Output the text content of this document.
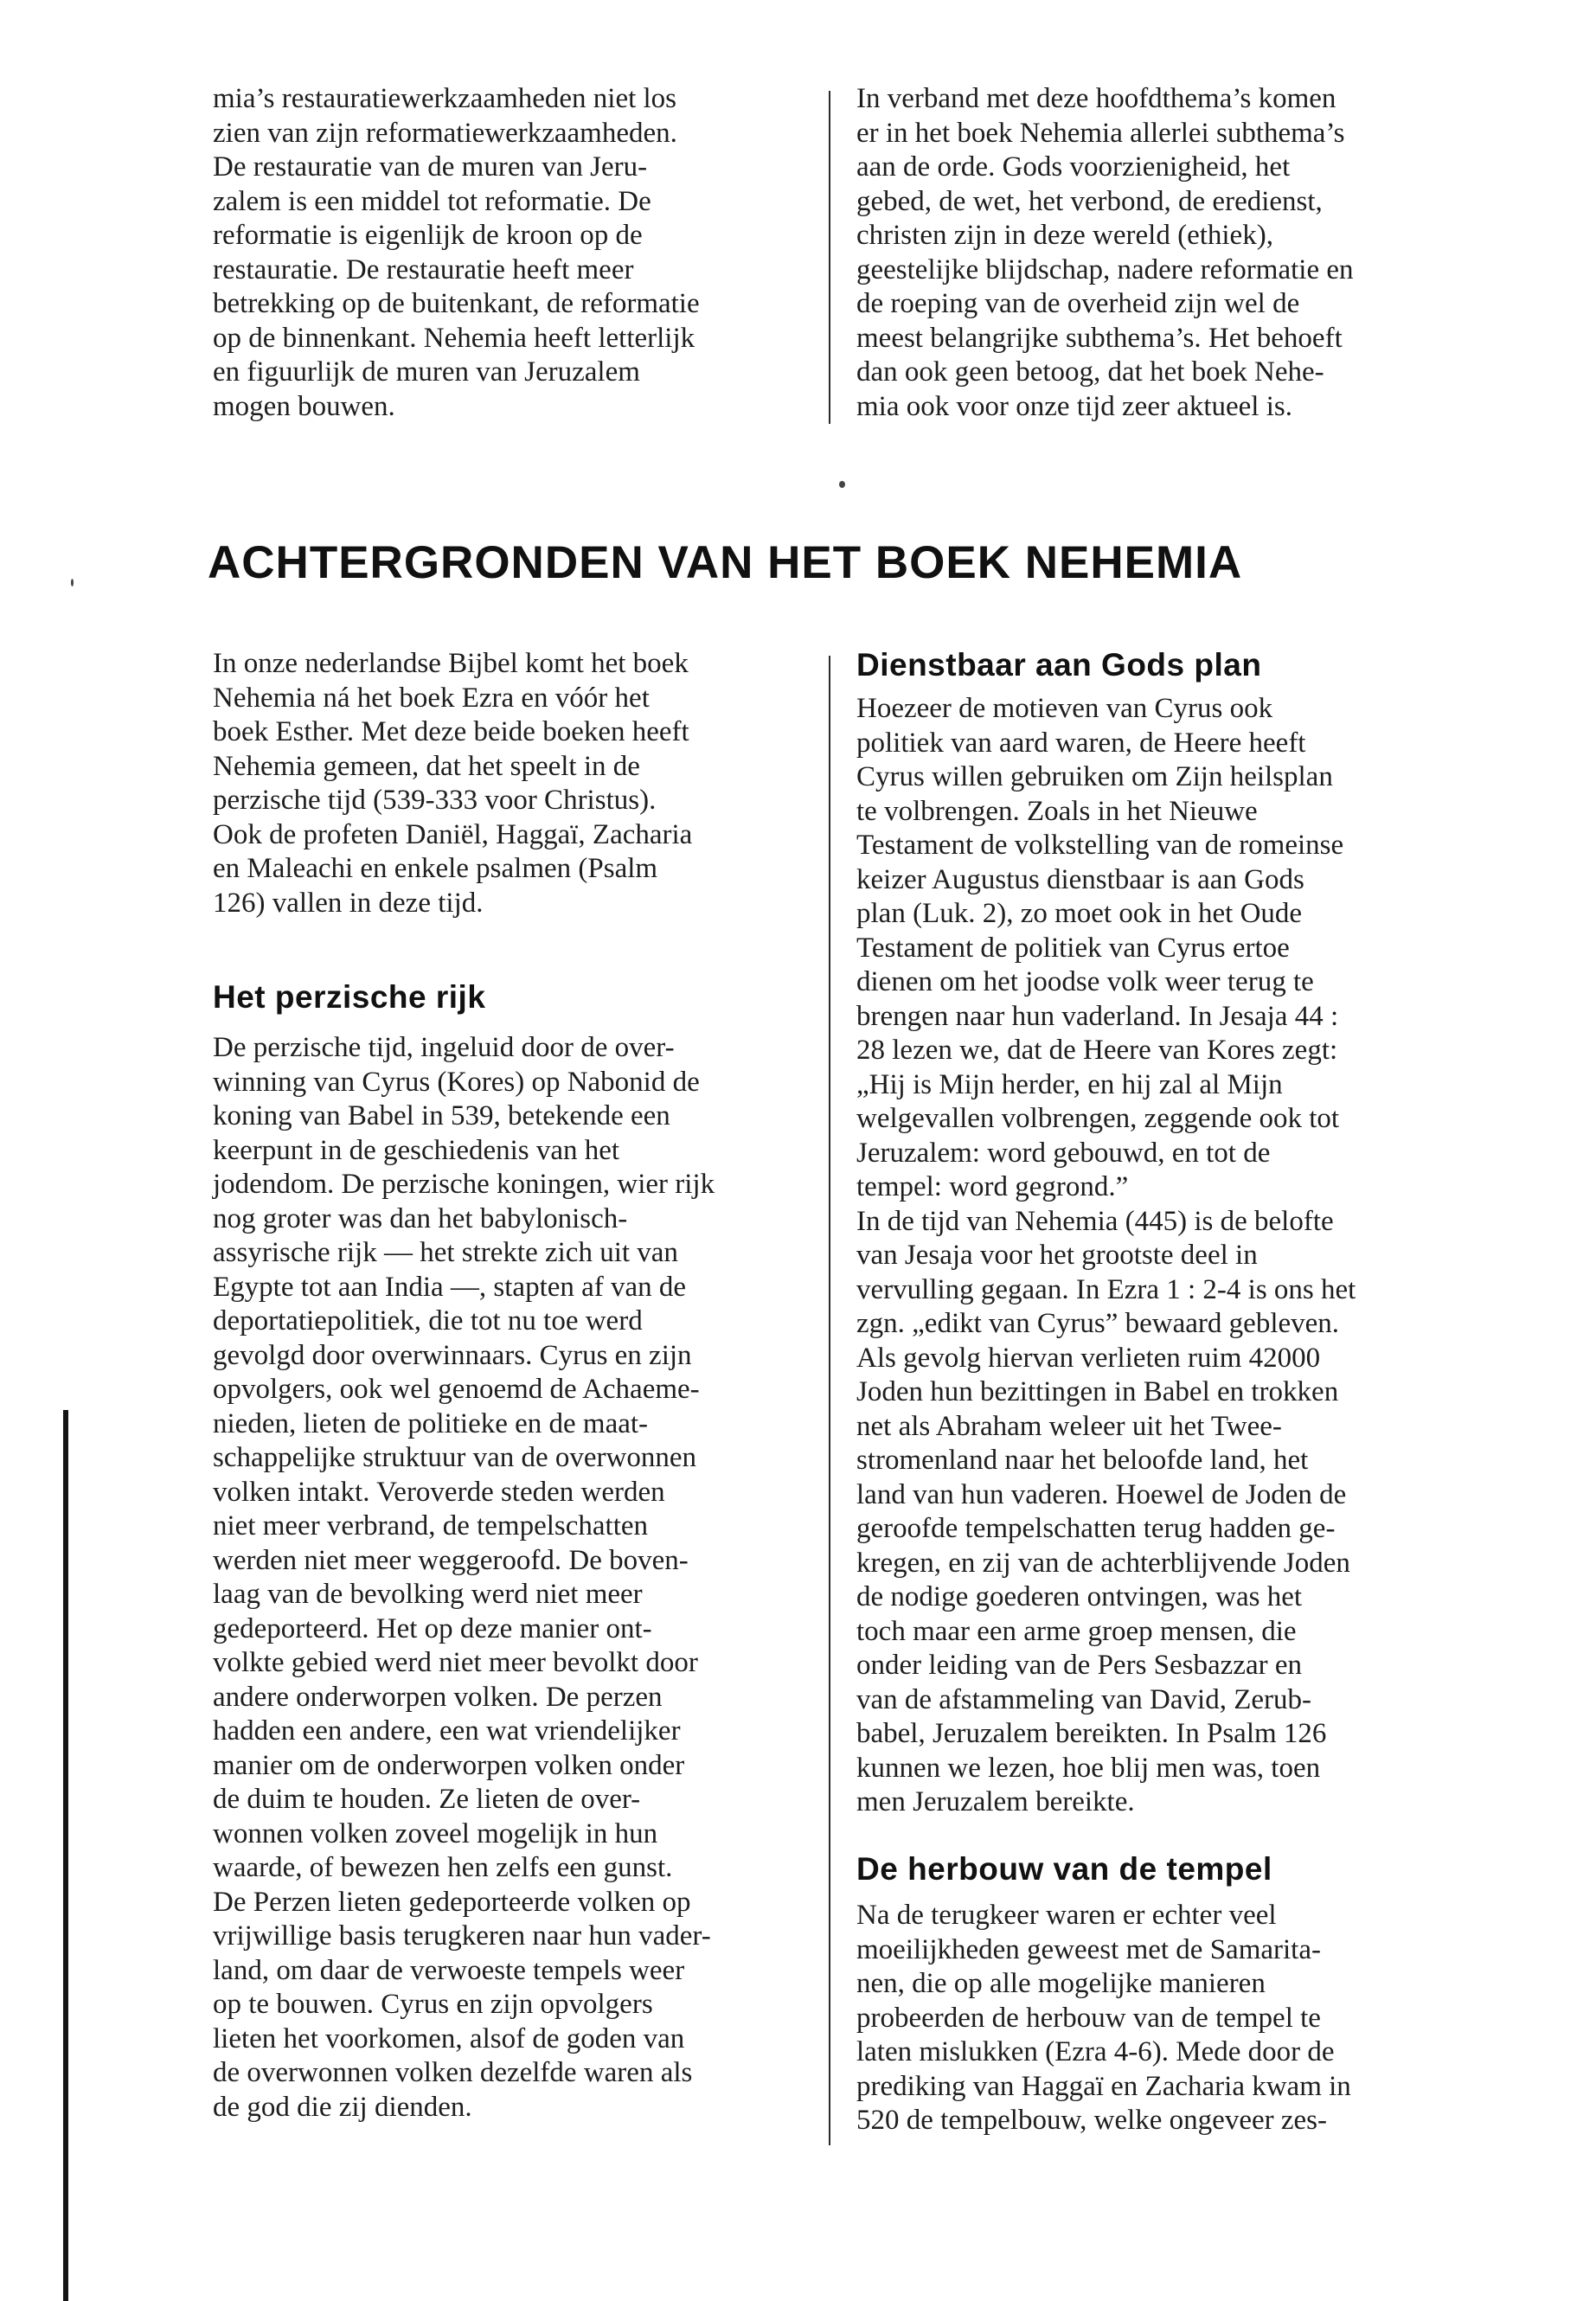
mia’s restauratiewerkzaamheden niet los
zien van zijn reformatiewerkzaamheden.
De restauratie van de muren van Jeru-
zalem is een middel tot reformatie. De
reformatie is eigenlijk de kroon op de
restauratie. De restauratie heeft meer
betrekking op de buitenkant, de reformatie
op de binnenkant. Nehemia heeft letterlijk
en figuurlijk de muren van Jeruzalem
mogen bouwen.

In verband met deze hoofdthema’s komen
er in het boek Nehemia allerlei subthema’s
aan de orde. Gods voorzienigheid, het
gebed, de wet, het verbond, de eredienst,
christen zijn in deze wereld (ethiek),
geestelijke blijdschap, nadere reformatie en
de roeping van de overheid zijn wel de
meest belangrijke subthema’s. Het behoeft
dan ook geen betoog, dat het boek Nehe-
mia ook voor onze tijd zeer aktueel is.

ACHTERGRONDEN VAN HET BOEK NEHEMIA

In onze nederlandse Bijbel komt het boek
Nehemia ná het boek Ezra en vóór het
boek Esther. Met deze beide boeken heeft
Nehemia gemeen, dat het speelt in de
perzische tijd (539-333 voor Christus).
Ook de profeten Daniël, Haggaï, Zacharia
en Maleachi en enkele psalmen (Psalm
126) vallen in deze tijd.

Het perzische rijk

De perzische tijd, ingeluid door de over-
winning van Cyrus (Kores) op Nabonid de
koning van Babel in 539, betekende een
keerpunt in de geschiedenis van het
jodendom. De perzische koningen, wier rijk
nog groter was dan het babylonisch-
assyrische rijk — het strekte zich uit van
Egypte tot aan India —, stapten af van de
deportatiepolitiek, die tot nu toe werd
gevolgd door overwinnaars. Cyrus en zijn
opvolgers, ook wel genoemd de Achaeme-
nieden, lieten de politieke en de maat-
schappelijke struktuur van de overwonnen
volken intakt. Veroverde steden werden
niet meer verbrand, de tempelschatten
werden niet meer weggeroofd. De boven-
laag van de bevolking werd niet meer
gedeporteerd. Het op deze manier ont-
volkte gebied werd niet meer bevolkt door
andere onderworpen volken. De perzen
hadden een andere, een wat vriendelijker
manier om de onderworpen volken onder
de duim te houden. Ze lieten de over-
wonnen volken zoveel mogelijk in hun
waarde, of bewezen hen zelfs een gunst.
De Perzen lieten gedeporteerde volken op
vrijwillige basis terugkeren naar hun vader-
land, om daar de verwoeste tempels weer
op te bouwen. Cyrus en zijn opvolgers
lieten het voorkomen, alsof de goden van
de overwonnen volken dezelfde waren als
de god die zij dienden.

Dienstbaar aan Gods plan

Hoezeer de motieven van Cyrus ook
politiek van aard waren, de Heere heeft
Cyrus willen gebruiken om Zijn heilsplan
te volbrengen. Zoals in het Nieuwe
Testament de volkstelling van de romeinse
keizer Augustus dienstbaar is aan Gods
plan (Luk. 2), zo moet ook in het Oude
Testament de politiek van Cyrus ertoe
dienen om het joodse volk weer terug te
brengen naar hun vaderland. In Jesaja 44 :
28 lezen we, dat de Heere van Kores zegt:
„Hij is Mijn herder, en hij zal al Mijn
welgevallen volbrengen, zeggende ook tot
Jeruzalem: word gebouwd, en tot de
tempel: word gegrond.”
In de tijd van Nehemia (445) is de belofte
van Jesaja voor het grootste deel in
vervulling gegaan. In Ezra 1 : 2-4 is ons het
zgn. „edikt van Cyrus” bewaard gebleven.
Als gevolg hiervan verlieten ruim 42000
Joden hun bezittingen in Babel en trokken
net als Abraham weleer uit het Twee-
stromenland naar het beloofde land, het
land van hun vaderen. Hoewel de Joden de
geroofde tempelschatten terug hadden ge-
kregen, en zij van de achterblijvende Joden
de nodige goederen ontvingen, was het
toch maar een arme groep mensen, die
onder leiding van de Pers Sesbazzar en
van de afstammeling van David, Zerub-
babel, Jeruzalem bereikten. In Psalm 126
kunnen we lezen, hoe blij men was, toen
men Jeruzalem bereikte.

De herbouw van de tempel

Na de terugkeer waren er echter veel
moeilijkheden geweest met de Samarita-
nen, die op alle mogelijke manieren
probeerden de herbouw van de tempel te
laten mislukken (Ezra 4-6). Mede door de
prediking van Haggaï en Zacharia kwam in
520 de tempelbouw, welke ongeveer zes-
